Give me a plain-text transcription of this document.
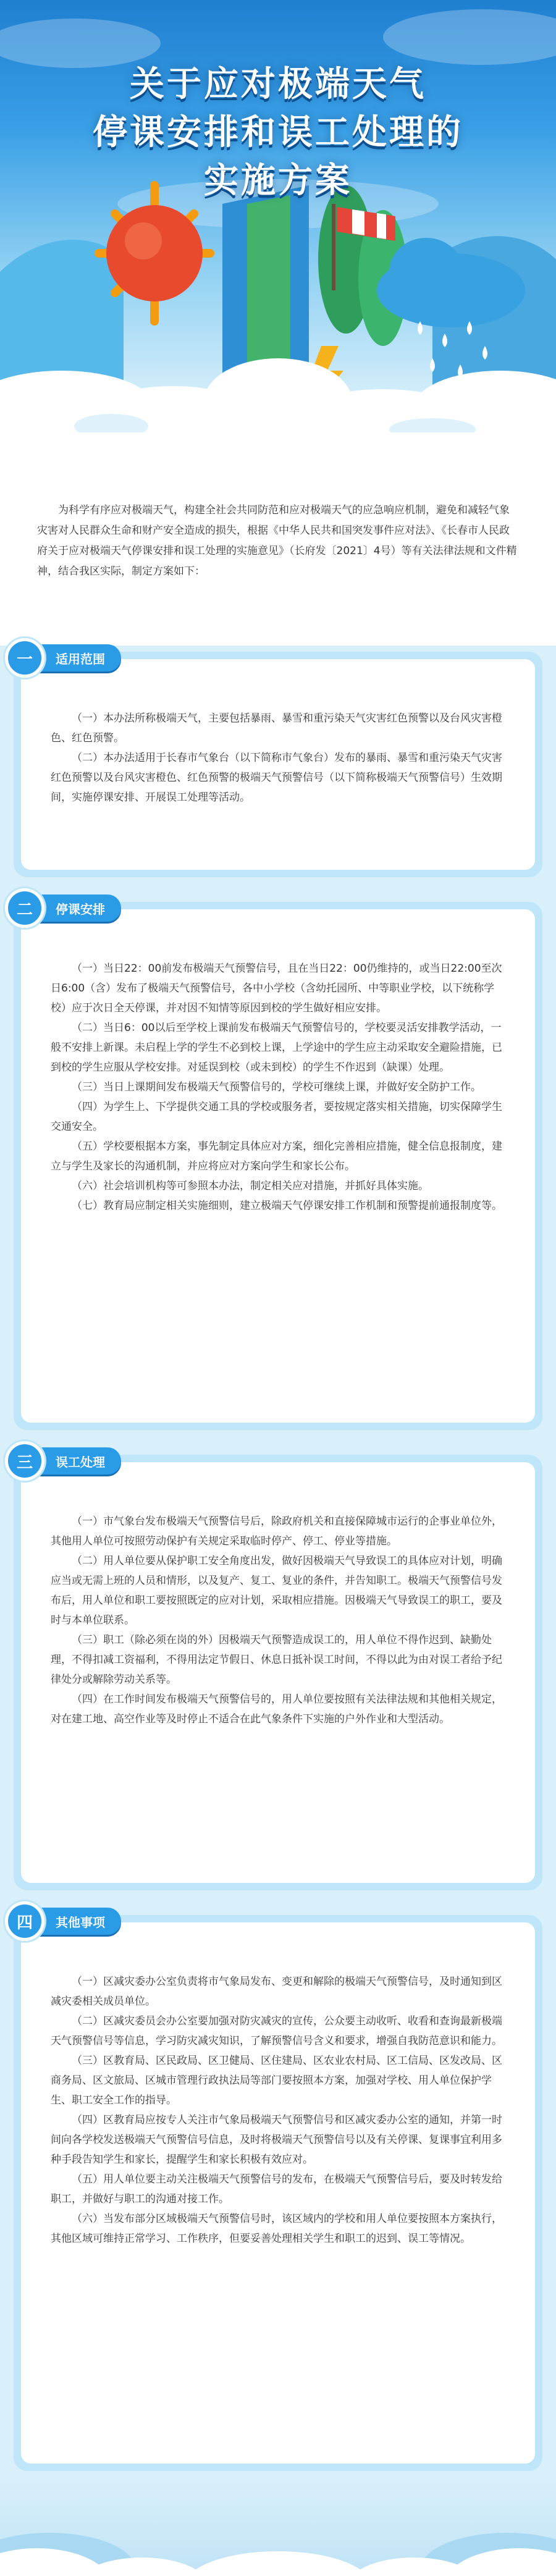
关于应对极端天气
停课安排和误工处理的
实施方案

为科学有序应对极端天气，构建全社会共同防范和应对极端天气的应急响应机制，避免和减轻气象灾害对人民群众生命和财产安全造成的损失，根据《中华人民共和国突发事件应对法》、《长春市人民政府关于应对极端天气停课安排和误工处理的实施意见》（长府发〔2021〕4号）等有关法律法规和文件精神，结合我区实际，制定方案如下：

一	适用范围

（一）本办法所称极端天气，主要包括暴雨、暴雪和重污染天气灾害红色预警以及台风灾害橙色、红色预警。

（二）本办法适用于长春市气象台（以下简称市气象台）发布的暴雨、暴雪和重污染天气灾害红色预警以及台风灾害橙色、红色预警的极端天气预警信号（以下简称极端天气预警信号）生效期间，实施停课安排、开展误工处理等活动。

二	停课安排

（一）当日22：00前发布极端天气预警信号，且在当日22：00仍维持的，或当日22:00至次日6:00（含）发布了极端天气预警信号，各中小学校（含幼托园所、中等职业学校，以下统称学校）应于次日全天停课，并对因不知情等原因到校的学生做好相应安排。

（二）当日6：00以后至学校上课前发布极端天气预警信号的，学校要灵活安排教学活动，一般不安排上新课。未启程上学的学生不必到校上课，上学途中的学生应主动采取安全避险措施，已到校的学生应服从学校安排。对延误到校（或未到校）的学生不作迟到（缺课）处理。

（三）当日上课期间发布极端天气预警信号的，学校可继续上课，并做好安全防护工作。

（四）为学生上、下学提供交通工具的学校或服务者，要按规定落实相关措施，切实保障学生交通安全。

（五）学校要根据本方案，事先制定具体应对方案，细化完善相应措施，健全信息报制度，建立与学生及家长的沟通机制，并应将应对方案向学生和家长公布。

（六）社会培训机构等可参照本办法，制定相关应对措施，并抓好具体实施。

（七）教育局应制定相关实施细则，建立极端天气停课安排工作机制和预警提前通报制度等。

三	误工处理

（一）市气象台发布极端天气预警信号后，除政府机关和直接保障城市运行的企事业单位外，其他用人单位可按照劳动保护有关规定采取临时停产、停工、停业等措施。

（二）用人单位要从保护职工安全角度出发，做好因极端天气导致误工的具体应对计划，明确应当或无需上班的人员和情形，以及复产、复工、复业的条件，并告知职工。极端天气预警信号发布后，用人单位和职工要按照既定的应对计划，采取相应措施。因极端天气导致误工的职工，要及时与本单位联系。

（三）职工（除必须在岗的外）因极端天气预警造成误工的，用人单位不得作迟到、缺勤处理，不得扣减工资福利，不得用法定节假日、休息日抵补误工时间，不得以此为由对误工者给予纪律处分或解除劳动关系等。

（四）在工作时间发布极端天气预警信号的，用人单位要按照有关法律法规和其他相关规定，对在建工地、高空作业等及时停止不适合在此气象条件下实施的户外作业和大型活动。

四	其他事项

（一）区减灾委办公室负责将市气象局发布、变更和解除的极端天气预警信号，及时通知到区减灾委相关成员单位。

（二）区减灾委员会办公室要加强对防灾减灾的宣传，公众要主动收听、收看和查询最新极端天气预警信号等信息，学习防灾减灾知识，了解预警信号含义和要求，增强自我防范意识和能力。

（三）区教育局、区民政局、区卫健局、区住建局、区农业农村局、区工信局、区发改局、区商务局、区文旅局、区城市管理行政执法局等部门要按照本方案，加强对学校、用人单位保护学生、职工安全工作的指导。

（四）区教育局应按专人关注市气象局极端天气预警信号和区减灾委办公室的通知，并第一时间向各学校发送极端天气预警信号信息，及时将极端天气预警信号以及有关停课、复课事宜利用多种手段告知学生和家长，提醒学生和家长积极有效应对。

（五）用人单位要主动关注极端天气预警信号的发布，在极端天气预警信号后，要及时转发给职工，并做好与职工的沟通对接工作。

（六）当发布部分区域极端天气预警信号时，该区域内的学校和用人单位要按照本方案执行，其他区域可维持正常学习、工作秩序，但要妥善处理相关学生和职工的迟到、误工等情况。
